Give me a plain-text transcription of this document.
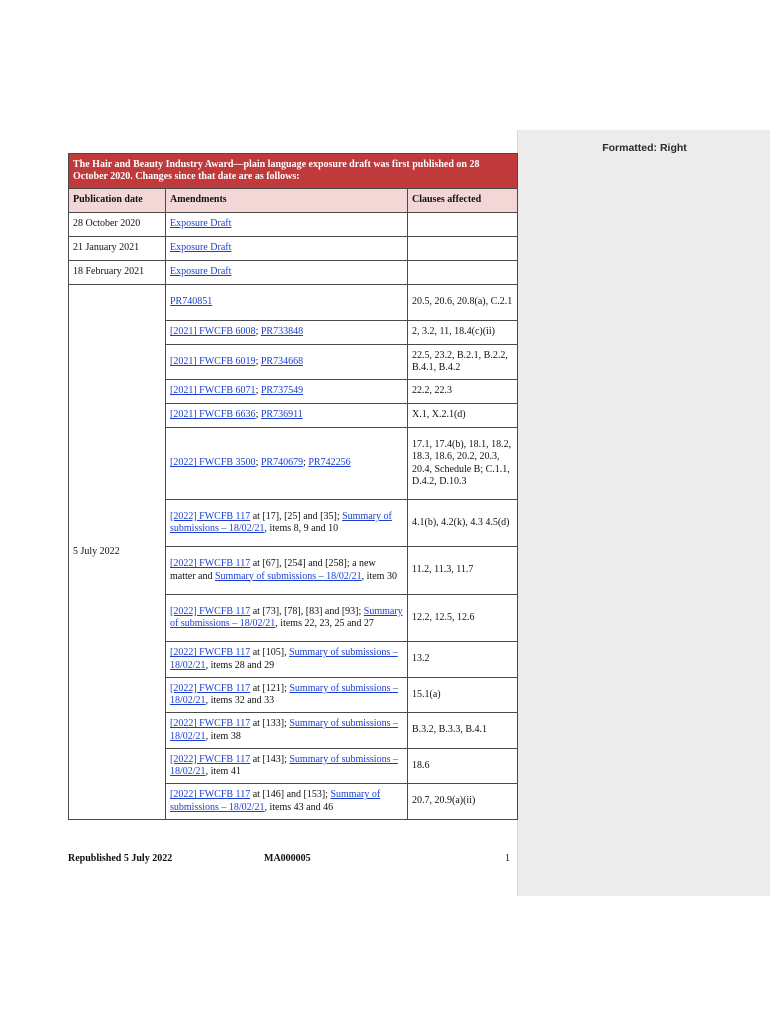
Formatted: Right
The Hair and Beauty Industry Award—plain language exposure draft was first published on 28 October 2020. Changes since that date are as follows:		
Publication date	Amendments	Clauses affected
28 October 2020	Exposure Draft	
21 January 2021	Exposure Draft	
18 February 2021	Exposure Draft	
5 July 2022	PR740851	20.5, 20.6, 20.8(a), C.2.1
	[2021] FWCFB 6008; PR733848	2, 3.2, 11, 18.4(c)(ii)
	[2021] FWCFB 6019; PR734668	22.5, 23.2, B.2.1, B.2.2, B.4.1, B.4.2
	[2021] FWCFB 6071; PR737549	22.2, 22.3
	[2021] FWCFB 6636; PR736911	X.1, X.2.1(d)
	[2022] FWCFB 3500; PR740679; PR742256	17.1, 17.4(b), 18.1, 18.2, 18.3, 18.6, 20.2, 20.3, 20.4, Schedule B; C.1.1, D.4.2, D.10.3
	[2022] FWCFB 117 at [17], [25] and [35]; Summary of submissions – 18/02/21, items 8, 9 and 10	4.1(b), 4.2(k), 4.3 4.5(d)
	[2022] FWCFB 117 at [67], [254] and [258]; a new matter and Summary of submissions – 18/02/21, item 30	11.2, 11.3, 11.7
	[2022] FWCFB 117 at [73], [78], [83] and [93]; Summary of submissions – 18/02/21, items 22, 23, 25 and 27	12.2, 12.5, 12.6
	[2022] FWCFB 117 at [105], Summary of submissions – 18/02/21, items 28 and 29	13.2
	[2022] FWCFB 117 at [121]; Summary of submissions – 18/02/21, items 32 and 33	15.1(a)
	[2022] FWCFB 117 at [133]; Summary of submissions – 18/02/21, item 38	B.3.2, B.3.3, B.4.1
	[2022] FWCFB 117 at [143]; Summary of submissions – 18/02/21, item 41	18.6
	[2022] FWCFB 117 at [146] and [153]; Summary of submissions – 18/02/21, items 43 and 46	20.7, 20.9(a)(ii)
Republished 5 July 2022	MA000005	1
